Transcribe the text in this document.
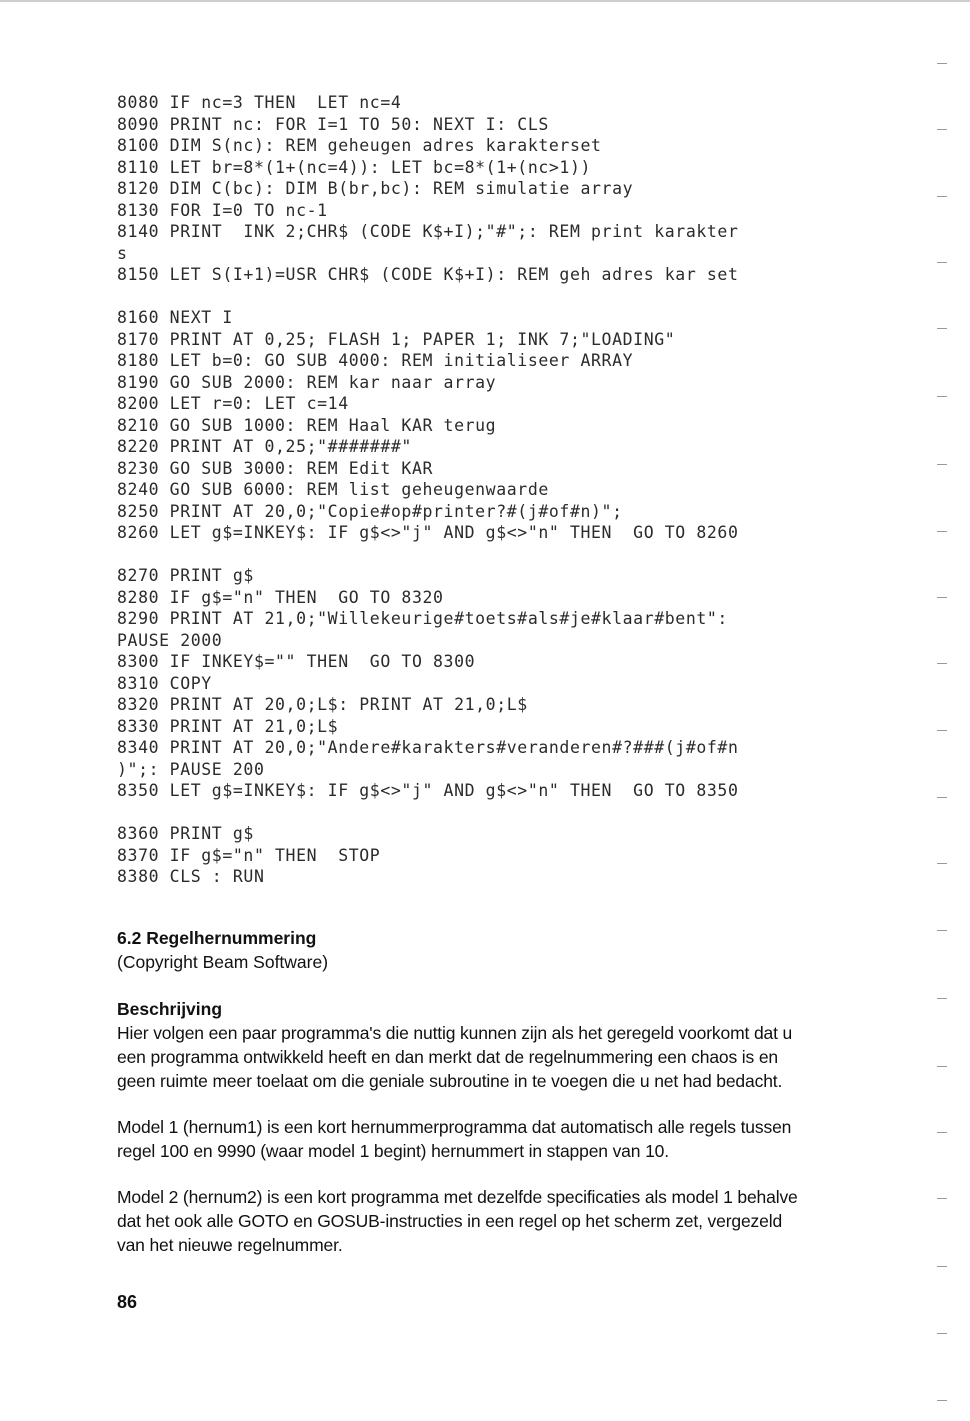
8080 IF nc=3 THEN  LET nc=4
8090 PRINT nc: FOR I=1 TO 50: NEXT I: CLS
8100 DIM S(nc): REM geheugen adres karakterset
8110 LET br=8*(1+(nc=4)): LET bc=8*(1+(nc>1))
8120 DIM C(bc): DIM B(br,bc): REM simulatie array
8130 FOR I=0 TO nc-1
8140 PRINT  INK 2;CHR$ (CODE K$+I);"#";: REM print karakter
s
8150 LET S(I+1)=USR CHR$ (CODE K$+I): REM geh adres kar set
8160 NEXT I
8170 PRINT AT 0,25; FLASH 1; PAPER 1; INK 7;"LOADING"
8180 LET b=0: GO SUB 4000: REM initialiseer ARRAY
8190 GO SUB 2000: REM kar naar array
8200 LET r=0: LET c=14
8210 GO SUB 1000: REM Haal KAR terug
8220 PRINT AT 0,25;"#######"
8230 GO SUB 3000: REM Edit KAR
8240 GO SUB 6000: REM list geheugenwaarde
8250 PRINT AT 20,0;"Copie#op#printer?#(j#of#n)";
8260 LET g$=INKEY$: IF g$<>"j" AND g$<>"n" THEN  GO TO 8260
8270 PRINT g$
8280 IF g$="n" THEN  GO TO 8320
8290 PRINT AT 21,0;"Willekeurige#toets#als#je#klaar#bent":
PAUSE 2000
8300 IF INKEY$="" THEN  GO TO 8300
8310 COPY
8320 PRINT AT 20,0;L$: PRINT AT 21,0;L$
8330 PRINT AT 21,0;L$
8340 PRINT AT 20,0;"Andere#karakters#veranderen#?###(j#of#n
)";: PAUSE 200
8350 LET g$=INKEY$: IF g$<>"j" AND g$<>"n" THEN  GO TO 8350
8360 PRINT g$
8370 IF g$="n" THEN  STOP
8380 CLS : RUN

6.2 Regelhernummering

(Copyright Beam Software)

Beschrijving

Hier volgen een paar programma's die nuttig kunnen zijn als het geregeld voorkomt dat u

een programma ontwikkeld heeft en dan merkt dat de regelnummering een chaos is en

geen ruimte meer toelaat om die geniale subroutine in te voegen die u net had bedacht.

Model 1 (hernum1) is een kort hernummerprogramma dat automatisch alle regels tussen

regel 100 en 9990 (waar model 1 begint) hernummert in stappen van 10.

Model 2 (hernum2) is een kort programma met dezelfde specificaties als model 1 behalve

dat het ook alle GOTO en GOSUB-instructies in een regel op het scherm zet, vergezeld

van het nieuwe regelnummer.

86
